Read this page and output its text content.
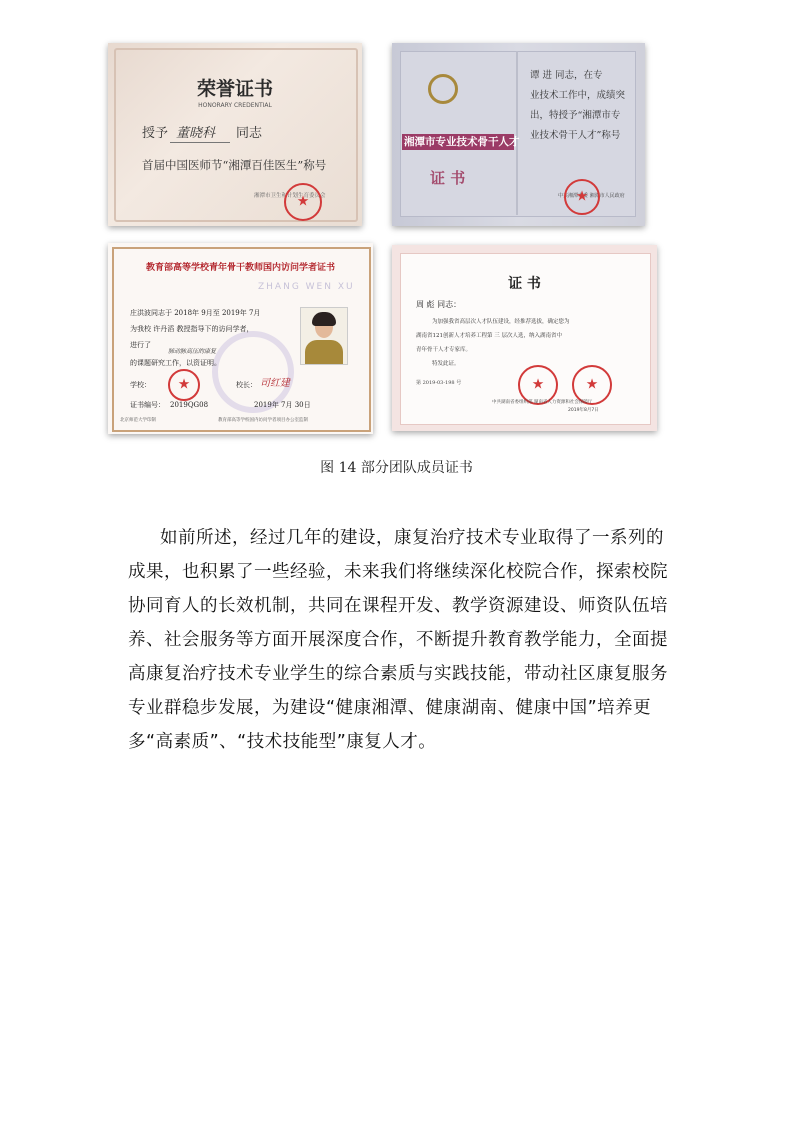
荣誉证书
HONORARY CREDENTIAL
授予 董晓科 同志
首届中国医师节“湘潭百佳医生”称号
湘潭市卫生和计划生育委员会
★
湘潭市专业技术骨干人才
证 书
谭 进 同志，在专
业技术工作中，成绩突
出，特授予“湘潭市专
业技术骨干人才”称号
中共湘潭市委 湘潭市人民政府
★
教育部高等学校青年骨干教师国内访问学者证书
ZHANG WEN XU
庄洪波同志于 2018年 9月至 2019年 7月
为我校 许丹滔 教授指导下的访问学者，
进行了
肺动脉高压的康复
的课题研究工作，以资证明。
学校：
★	校长： 司红建
证书编号： 2019QG08	2019年 7月 30日
北京师范大学印制	教育部高等学校国内访问学者项目办公室监制
证 书
周 彪 同志：
为加强我省高层次人才队伍建设，经推荐选拔，确定您为
湖南省121创新人才培养工程第 三 层次人选，纳入湖南省中
青年骨干人才专家库。
特发此证。
第 2019-03-198 号
★
★
中共湖南省委组织部 湖南省人力资源和社会保障厅
2019年8月7日
图 14 部分团队成员证书
如前所述，经过几年的建设，康复治疗技术专业取得了一系列的
成果，也积累了一些经验，未来我们将继续深化校院合作，探索校院
协同育人的长效机制，共同在课程开发、教学资源建设、师资队伍培
养、社会服务等方面开展深度合作，不断提升教育教学能力，全面提
高康复治疗技术专业学生的综合素质与实践技能，带动社区康复服务
专业群稳步发展，为建设“健康湘潭、健康湖南、健康中国”培养更
多“高素质”、“技术技能型”康复人才。
